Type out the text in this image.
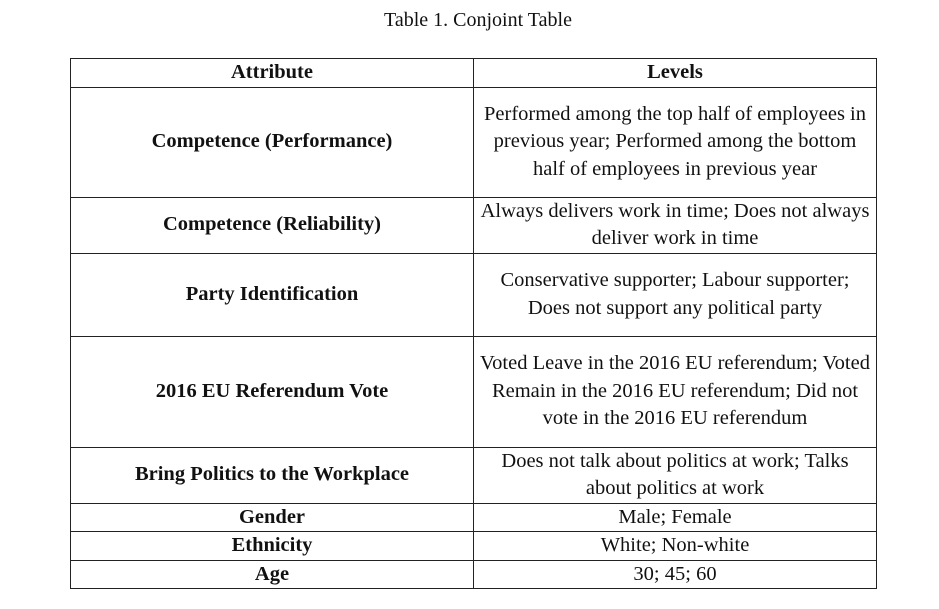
Table 1. Conjoint Table
Attribute	Levels
Competence (Performance)	Performed among the top half of employees in previous year; Performed among the bottom half of employees in previous year
Competence (Reliability)	Always delivers work in time; Does not always deliver work in time
Party Identification	Conservative supporter; Labour supporter; Does not support any political party
2016 EU Referendum Vote	Voted Leave in the 2016 EU referendum; Voted Remain in the 2016 EU referendum; Did not vote in the 2016 EU referendum
Bring Politics to the Workplace	Does not talk about politics at work; Talks about politics at work
Gender	Male; Female
Ethnicity	White; Non-white
Age	30; 45; 60
